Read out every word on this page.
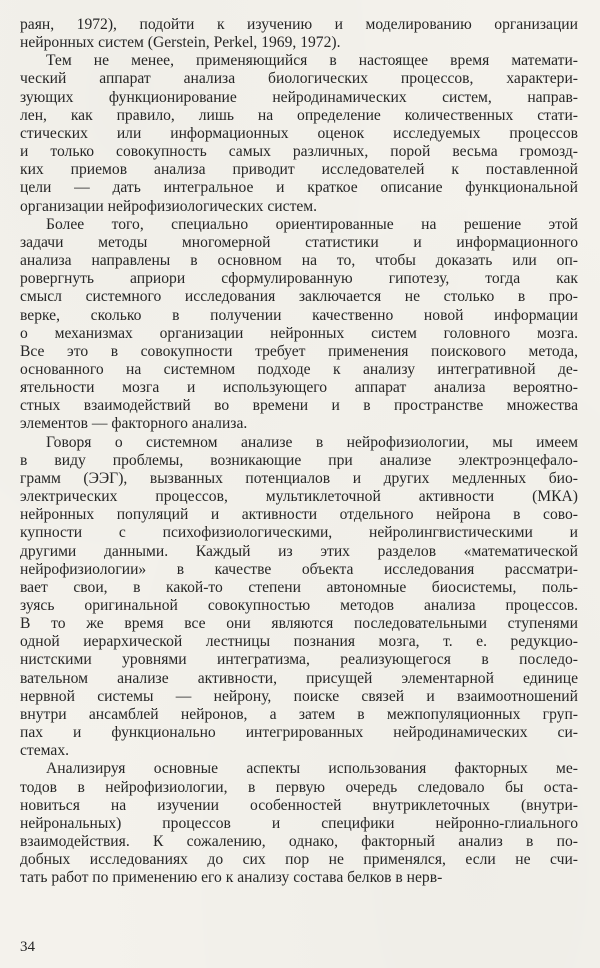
раян, 1972), подойти к изучению и моделированию организации
нейронных систем (Gerstein, Perkel, 1969, 1972).

Тем не менее, применяющийся в настоящее время математи-
ческий аппарат анализа биологических процессов, характери-
зующих функционирование нейродинамических систем, направ-
лен, как правило, лишь на определение количественных стати-
стических или информационных оценок исследуемых процессов
и только совокупность самых различных, порой весьма громозд-
ких приемов анализа приводит исследователей к поставленной
цели — дать интегральное и краткое описание функциональной
организации нейрофизиологических систем.

Более того, специально ориентированные на решение этой
задачи методы многомерной статистики и информационного
анализа направлены в основном на то, чтобы доказать или оп-
ровергнуть априори сформулированную гипотезу, тогда как
смысл системного исследования заключается не столько в про-
верке, сколько в получении качественно новой информации
о механизмах организации нейронных систем головного мозга.
Все это в совокупности требует применения поискового метода,
основанного на системном подходе к анализу интегративной де-
ятельности мозга и использующего аппарат анализа вероятно-
стных взаимодействий во времени и в пространстве множества
элементов — факторного анализа.

Говоря о системном анализе в нейрофизиологии, мы имеем
в виду проблемы, возникающие при анализе электроэнцефало-
грамм (ЭЭГ), вызванных потенциалов и других медленных био-
электрических процессов, мультиклеточной активности (МКА)
нейронных популяций и активности отдельного нейрона в сово-
купности с психофизиологическими, нейролингвистическими и
другими данными. Каждый из этих разделов «математической
нейрофизиологии» в качестве объекта исследования рассматри-
вает свои, в какой-то степени автономные биосистемы, поль-
зуясь оригинальной совокупностью методов анализа процессов.
В то же время все они являются последовательными ступенями
одной иерархической лестницы познания мозга, т. е. редукцио-
нистскими уровнями интегратизма, реализующегося в последо-
вательном анализе активности, присущей элементарной единице
нервной системы — нейрону, поиске связей и взаимоотношений
внутри ансамблей нейронов, а затем в межпопуляционных груп-
пах и функционально интегрированных нейродинамических си-
стемах.

Анализируя основные аспекты использования факторных ме-
тодов в нейрофизиологии, в первую очередь следовало бы оста-
новиться на изучении особенностей внутриклеточных (внутри-
нейрональных) процессов и специфики нейронно-глиального
взаимодействия. К сожалению, однако, факторный анализ в по-
добных исследованиях до сих пор не применялся, если не счи-
тать работ по применению его к анализу состава белков в нерв-

34
